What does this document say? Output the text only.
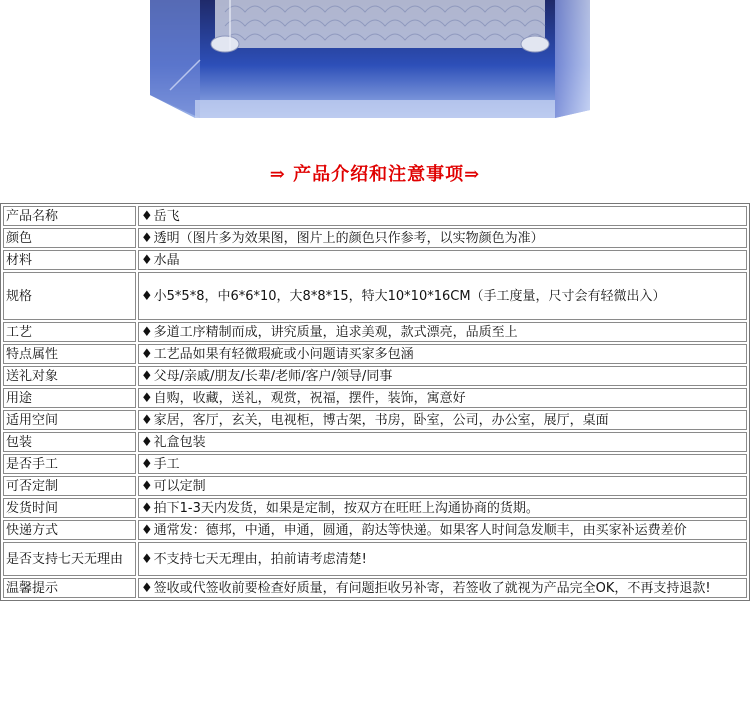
⇒ 产品介绍和注意事项⇒
产品名称	♦岳飞
颜色	♦透明（图片多为效果图，图片上的颜色只作参考，以实物颜色为准）
材料	♦水晶
规格	♦小5*5*8，中6*6*10，大8*8*15，特大10*10*16CM（手工度量，尺寸会有轻微出入）
工艺	♦多道工序精制而成，讲究质量，追求美观，款式漂亮，品质至上
特点属性	♦工艺品如果有轻微瑕疵或小问题请买家多包涵
送礼对象	♦父母/亲戚/朋友/长辈/老师/客户/领导/同事
用途	♦自购，收藏，送礼，观赏，祝福，摆件，装饰，寓意好
适用空间	♦家居，客厅，玄关，电视柜，博古架，书房，卧室，公司，办公室，展厅，桌面
包装	♦礼盒包装
是否手工	♦手工
可否定制	♦可以定制
发货时间	♦拍下1-3天内发货，如果是定制，按双方在旺旺上沟通协商的货期。
快递方式	♦通常发：德邦，中通，申通，圆通，韵达等快递。如果客人时间急发顺丰，由买家补运费差价
是否支持七天无理由	♦不支持七天无理由，拍前请考虑清楚!
温馨提示	♦签收或代签收前要检查好质量，有问题拒收另补寄，若签收了就视为产品完全OK，不再支持退款!
